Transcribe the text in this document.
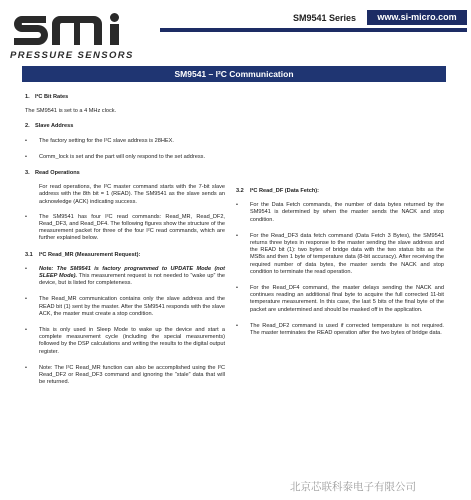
PRESSURE SENSORS
SM9541 Series	www.si-micro.com
SM9541 – I²C Communication
1. I²C Bit Rates
The SM9541 is set to a 4 MHz clock.
2. Slave Address
•	The factory setting for the I²C slave address is 28HEX.
•	Comm_lock is set and the part will only respond to the set address.
3. Read Operations
For read operations, the I²C master command starts with the 7-bit slave address with the 8th bit = 1 (READ). The SM9541 as the slave sends an acknowledge (ACK) indicating success.
•	The SM9541 has four I²C read commands: Read_MR, Read_DF2, Read_DF3, and Read_DF4. The following figures show the structure of the measurement packet for three of the four I²C read commands, which are further explained below.
3.1 I²C Read_MR (Measurement Request):
•	Note: The SM9541 is factory programmed to UPDATE Mode (not SLEEP Mode). This measurement request is not needed to “wake up” the device, but is listed for completeness.
•	The Read_MR communication contains only the slave address and the READ bit (1) sent by the master. After the SM9541 responds with the slave ACK, the master must create a stop condition.
•	This is only used in Sleep Mode to wake up the device and start a complete measurement cycle (including the special measurements) followed by the DSP calculations and writing the results to the digital output register.
•	Note: The I²C Read_MR function can also be accomplished using the I²C Read_DF2 or Read_DF3 command and ignoring the “stale” data that will be returned.
3.2 I²C Read_DF (Data Fetch):
•	For the Data Fetch commands, the number of data bytes returned by the SM9541 is determined by when the master sends the NACK and stop condition.
•	For the Read_DF3 data fetch command (Data Fetch 3 Bytes), the SM9541 returns three bytes in response to the master sending the slave address and the READ bit (1): two bytes of bridge data with the two status bits as the MSBs and then 1 byte of temperature data (8-bit accuracy). After receiving the required number of data bytes, the master sends the NACK and stop condition to terminate the read operation.
•	For the Read_DF4 command, the master delays sending the NACK and continues reading an additional final byte to acquire the full corrected 11-bit temperature measurement. In this case, the last 5 bits of the final byte of the packet are undetermined and should be masked off in the application.
•	The Read_DF2 command is used if corrected temperature is not required. The master terminates the READ operation after the two bytes of bridge data.
北京芯联科泰电子有限公司
